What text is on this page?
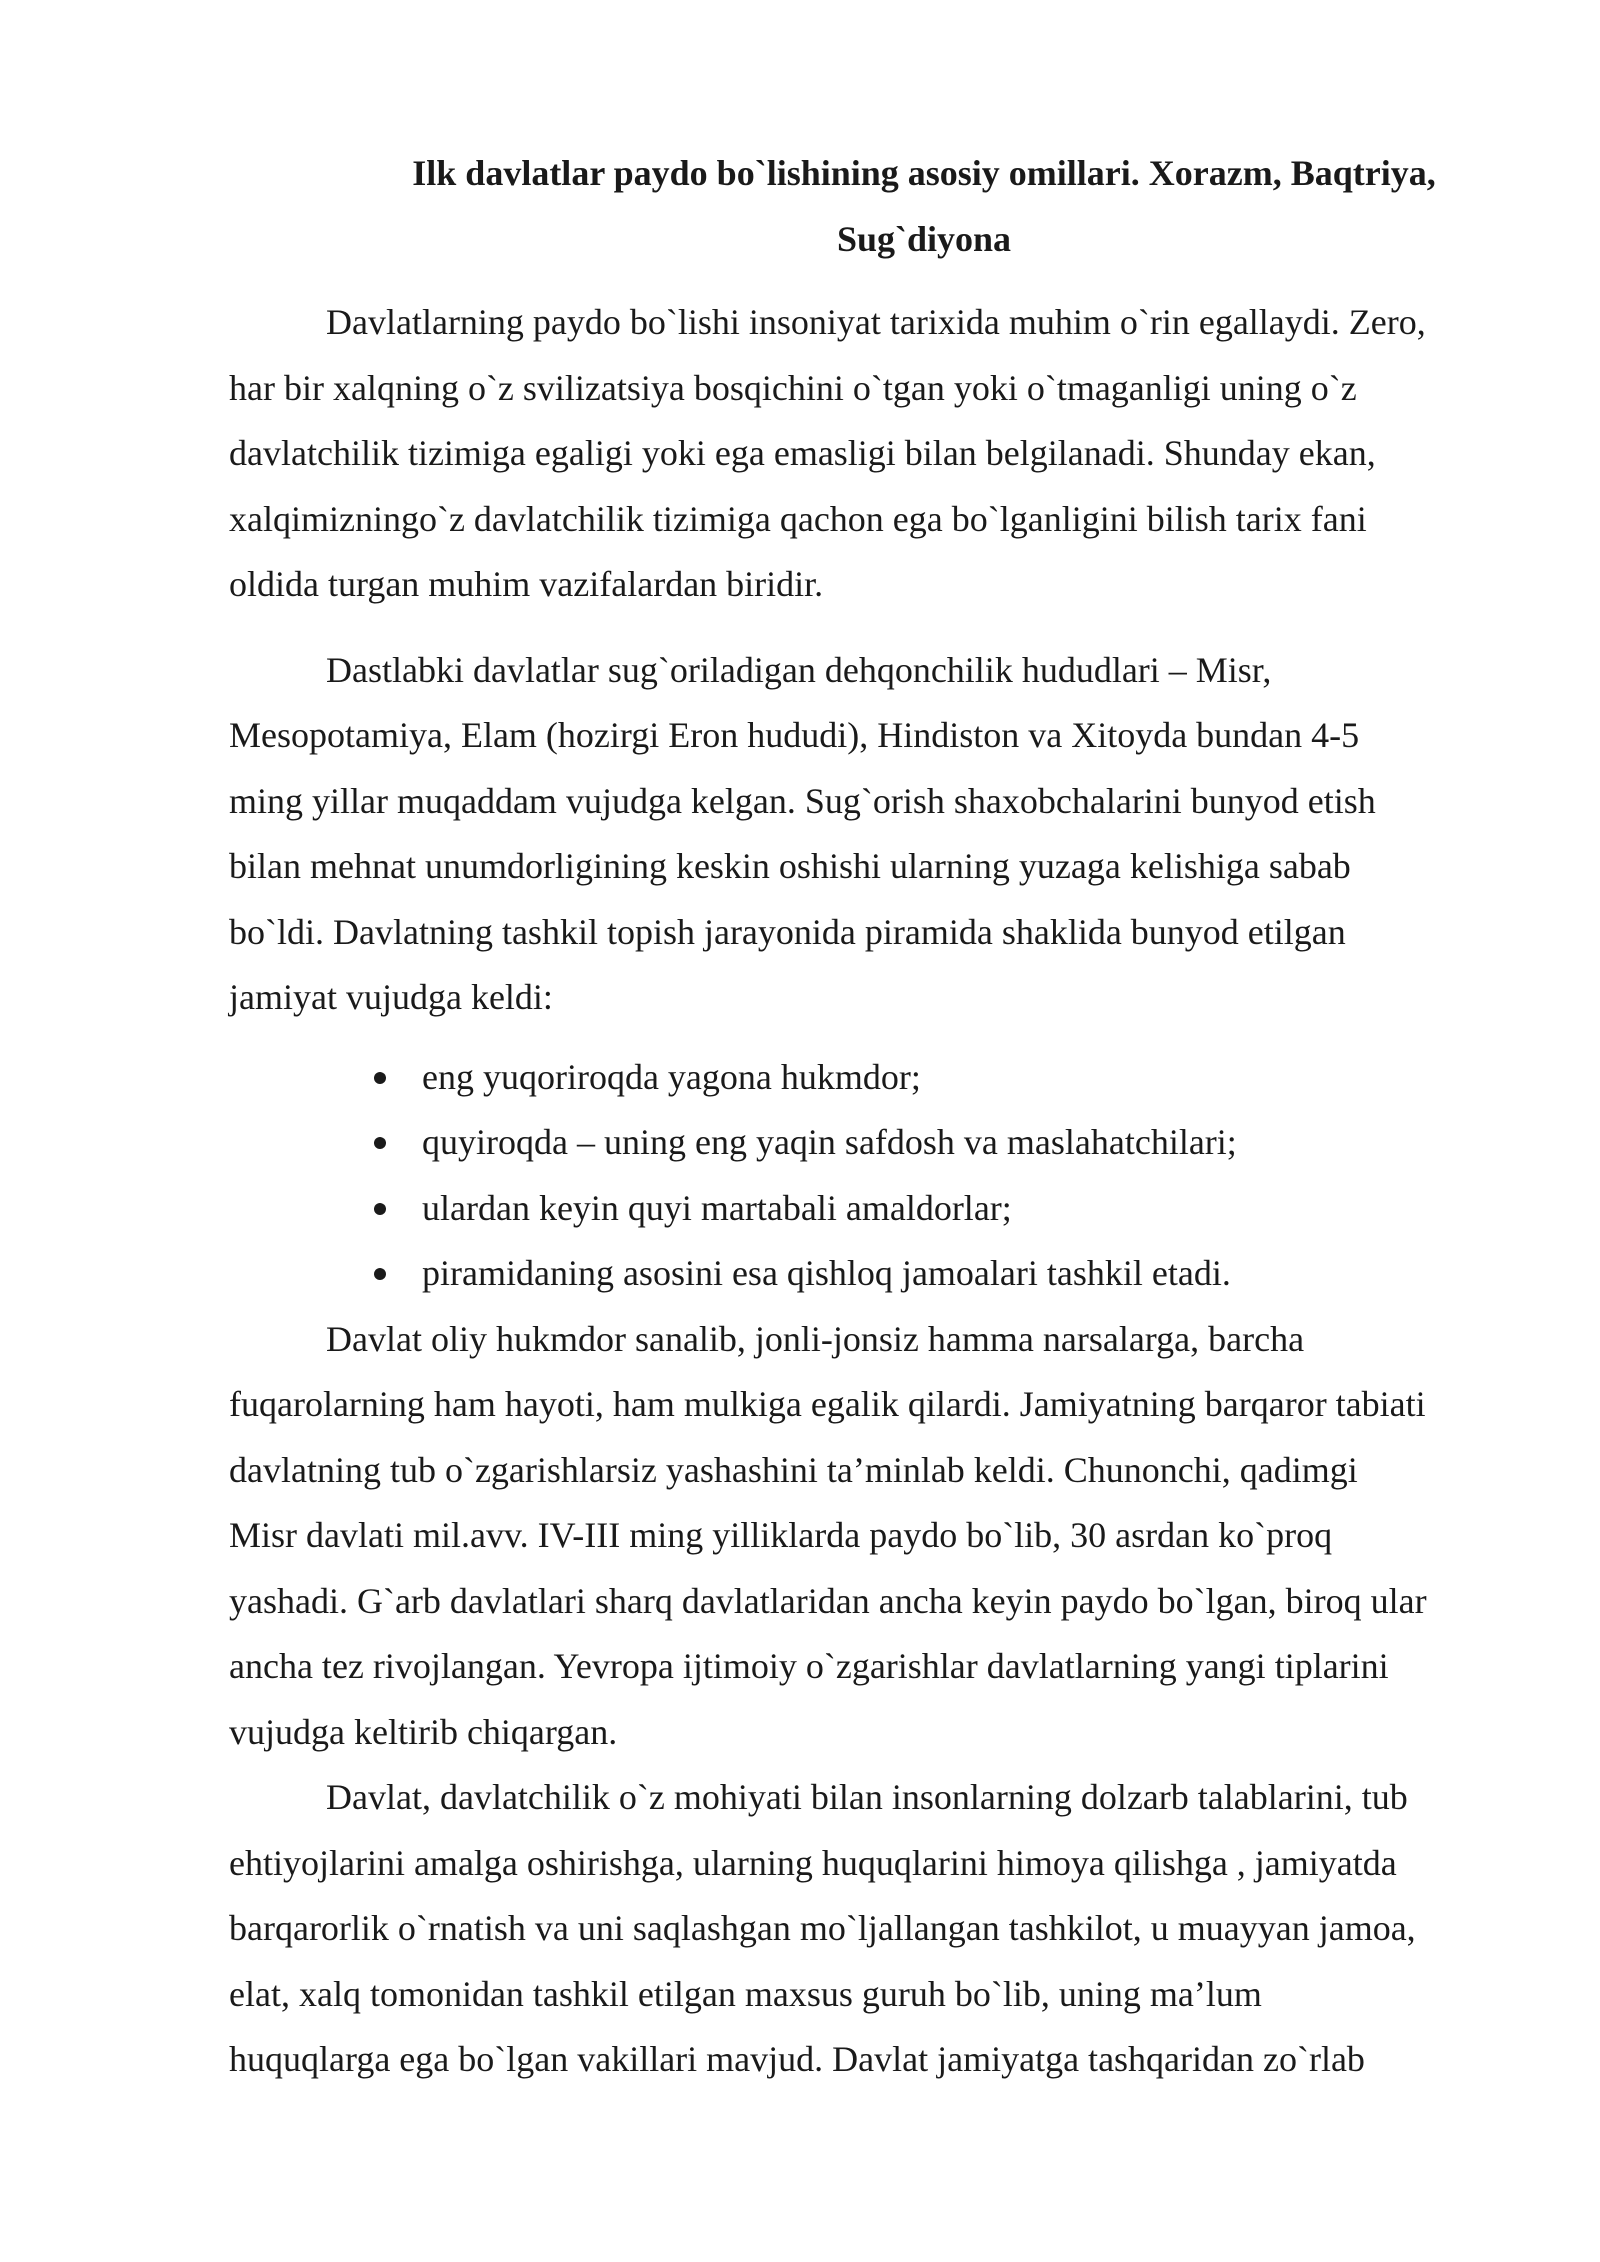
Ilk davlatlar paydo bo`lishining asosiy omillari. Xorazm, Baqtriya,
Sug`diyona

Davlatlarning paydo bo`lishi insoniyat tarixida muhim o`rin egallaydi. Zero,
har bir xalqning o`z svilizatsiya bosqichini o`tgan yoki o`tmaganligi uning o`z
davlatchilik tizimiga egaligi yoki ega emasligi bilan belgilanadi. Shunday ekan,
xalqimizningo`z davlatchilik tizimiga qachon ega bo`lganligini bilish tarix fani
oldida turgan muhim vazifalardan biridir.

Dastlabki davlatlar sug`oriladigan dehqonchilik hududlari – Misr,
Mesopotamiya, Elam (hozirgi Eron hududi), Hindiston va Xitoyda bundan 4-5
ming yillar muqaddam vujudga kelgan. Sug`orish shaxobchalarini bunyod etish
bilan mehnat unumdorligining keskin oshishi ularning yuzaga kelishiga sabab
bo`ldi. Davlatning tashkil topish jarayonida piramida shaklida bunyod etilgan
jamiyat vujudga keldi:

eng yuqoriroqda yagona hukmdor;
quyiroqda – uning eng yaqin safdosh va maslahatchilari;
ulardan keyin quyi martabali amaldorlar;
piramidaning asosini esa qishloq jamoalari tashkil etadi.

Davlat oliy hukmdor sanalib, jonli-jonsiz hamma narsalarga, barcha
fuqarolarning ham hayoti, ham mulkiga egalik qilardi. Jamiyatning barqaror tabiati
davlatning tub o`zgarishlarsiz yashashini ta’minlab keldi. Chunonchi, qadimgi
Misr davlati mil.avv. IV-III ming yilliklarda paydo bo`lib, 30 asrdan ko`proq
yashadi. G`arb davlatlari sharq davlatlaridan ancha keyin paydo bo`lgan, biroq ular
ancha tez rivojlangan. Yevropa ijtimoiy o`zgarishlar davlatlarning yangi tiplarini
vujudga keltirib chiqargan.

Davlat, davlatchilik o`z mohiyati bilan insonlarning dolzarb talablarini, tub
ehtiyojlarini amalga oshirishga, ularning huquqlarini himoya qilishga , jamiyatda
barqarorlik o`rnatish va uni saqlashgan mo`ljallangan tashkilot, u muayyan jamoa,
elat, xalq tomonidan tashkil etilgan maxsus guruh bo`lib, uning ma’lum
huquqlarga ega bo`lgan vakillari mavjud. Davlat jamiyatga tashqaridan zo`rlab
